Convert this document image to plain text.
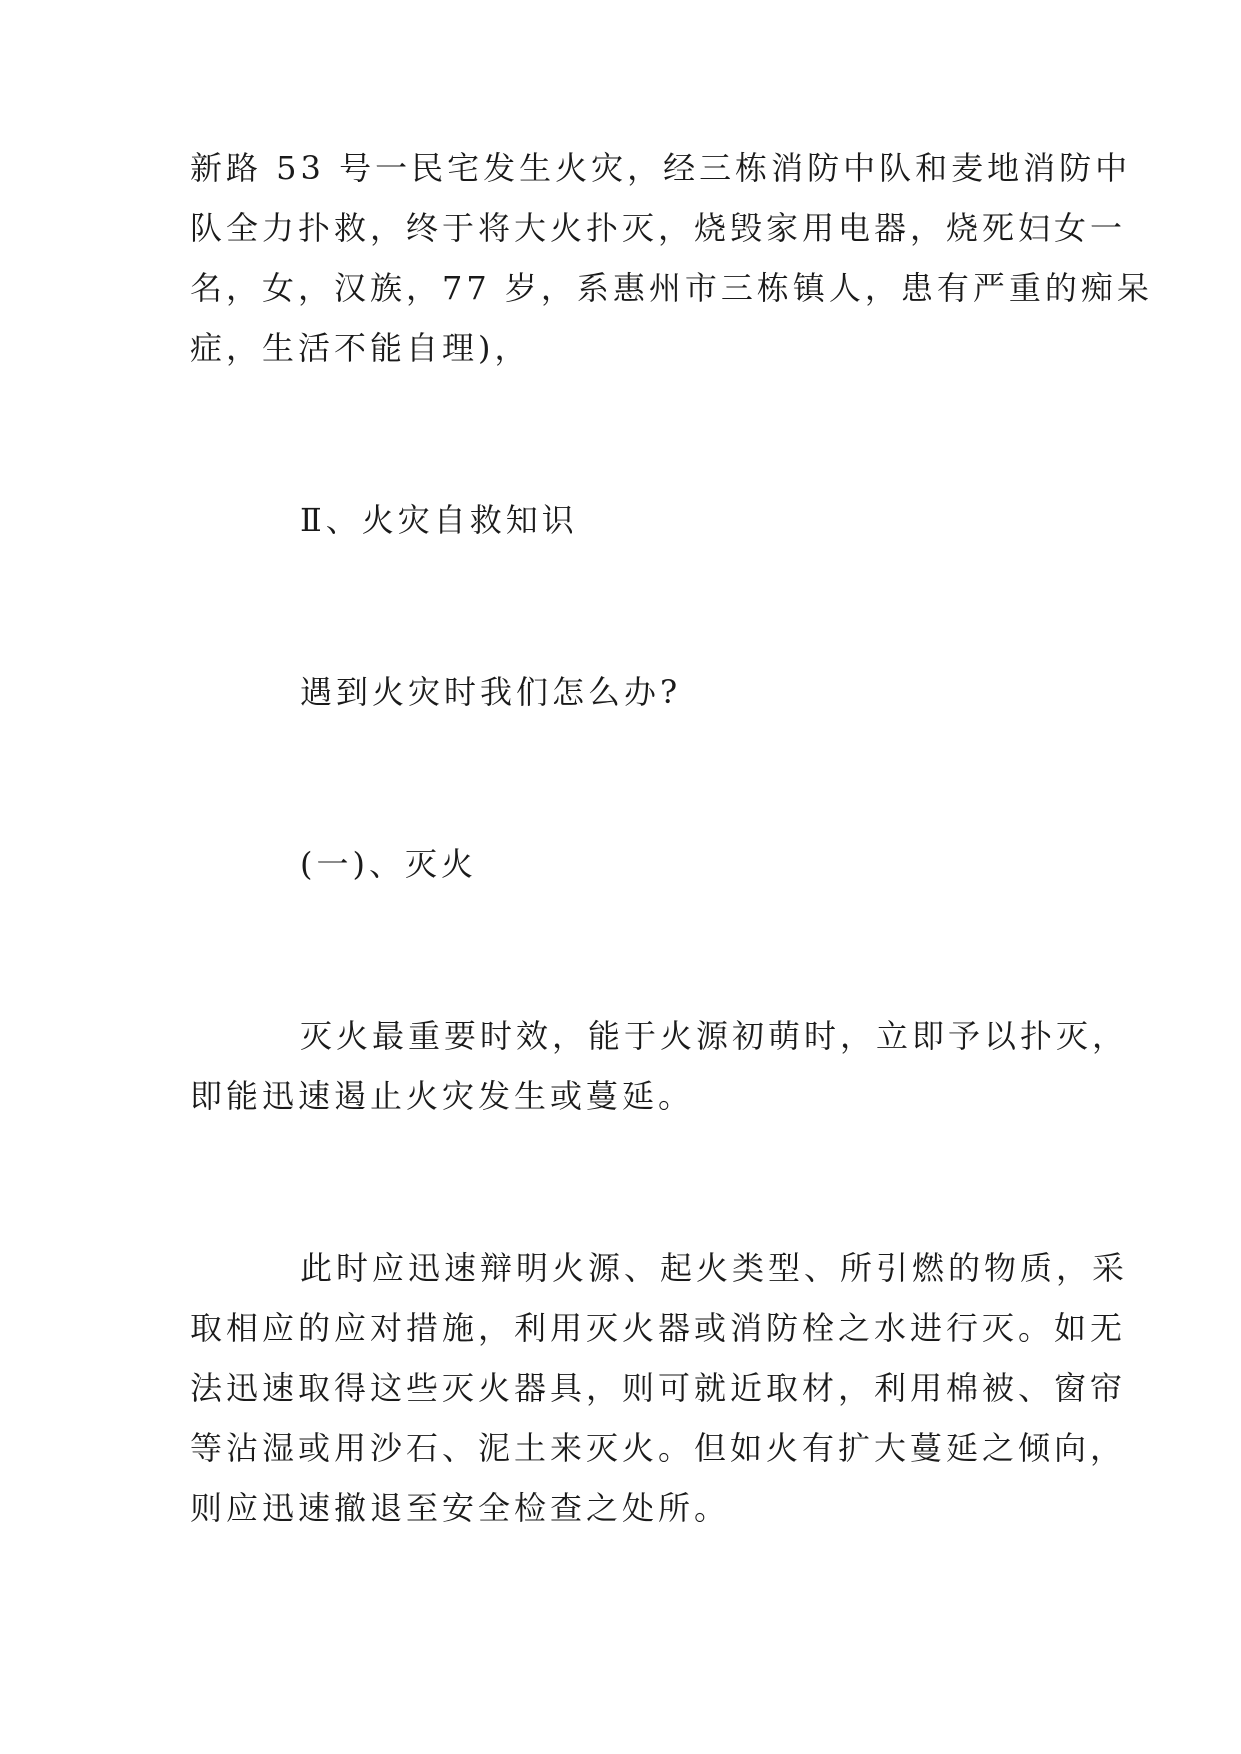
新路 53 号一民宅发生火灾，经三栋消防中队和麦地消防中
队全力扑救，终于将大火扑灭，烧毁家用电器，烧死妇女一
名，女，汉族，77 岁，系惠州市三栋镇人，患有严重的痴呆
症，生活不能自理)，
Ⅱ、火灾自救知识
遇到火灾时我们怎么办?
(一)、灭火
灭火最重要时效，能于火源初萌时，立即予以扑灭，
即能迅速遏止火灾发生或蔓延。
此时应迅速辩明火源、起火类型、所引燃的物质，采
取相应的应对措施，利用灭火器或消防栓之水进行灭。如无
法迅速取得这些灭火器具，则可就近取材，利用棉被、窗帘
等沾湿或用沙石、泥土来灭火。但如火有扩大蔓延之倾向，
则应迅速撤退至安全检查之处所。
